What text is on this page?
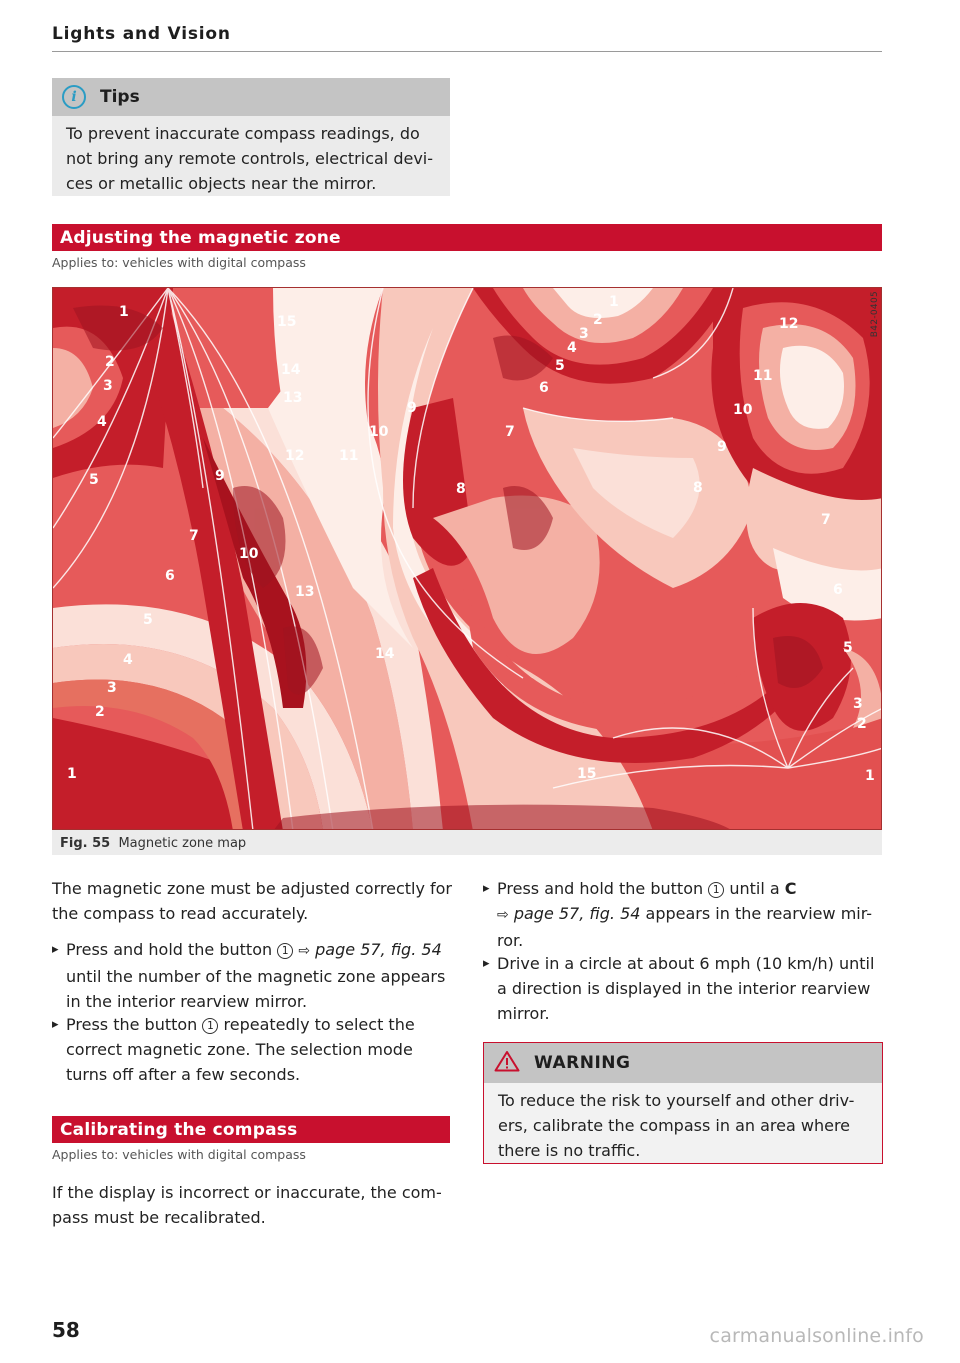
Lights and Vision
i	Tips
To prevent inaccurate compass readings, do
not bring any remote controls, electrical devi-
ces or metallic objects near the mirror.
Adjusting the magnetic zone
Applies to: vehicles with digital compass
1
2
3
4
5
6
7
8
9
10
11
12
13
14
15
1
2
3
4
5
6
7
9
10
9
10
11
12
8
7
6
5
3
2
1
13
14
15
5
4
3
2
1
B42-0405
Fig. 55 Magnetic zone map
The magnetic zone must be adjusted correctly for
the compass to read accurately.
▸ Press and hold the button 1 ⇨ page 57, fig. 54
until the number of the magnetic zone appears
in the interior rearview mirror.
▸ Press the button 1 repeatedly to select the
correct magnetic zone. The selection mode
turns off after a few seconds.
Calibrating the compass
Applies to: vehicles with digital compass
If the display is incorrect or inaccurate, the com-
pass must be recalibrated.
▸ Press and hold the button 1 until a C
⇨ page 57, fig. 54 appears in the rearview mir-
ror.
▸ Drive in a circle at about 6 mph (10 km/h) until
a direction is displayed in the interior rearview
mirror.
WARNING
To reduce the risk to yourself and other driv-
ers, calibrate the compass in an area where
there is no traffic.
58	carmanualsonline.info
